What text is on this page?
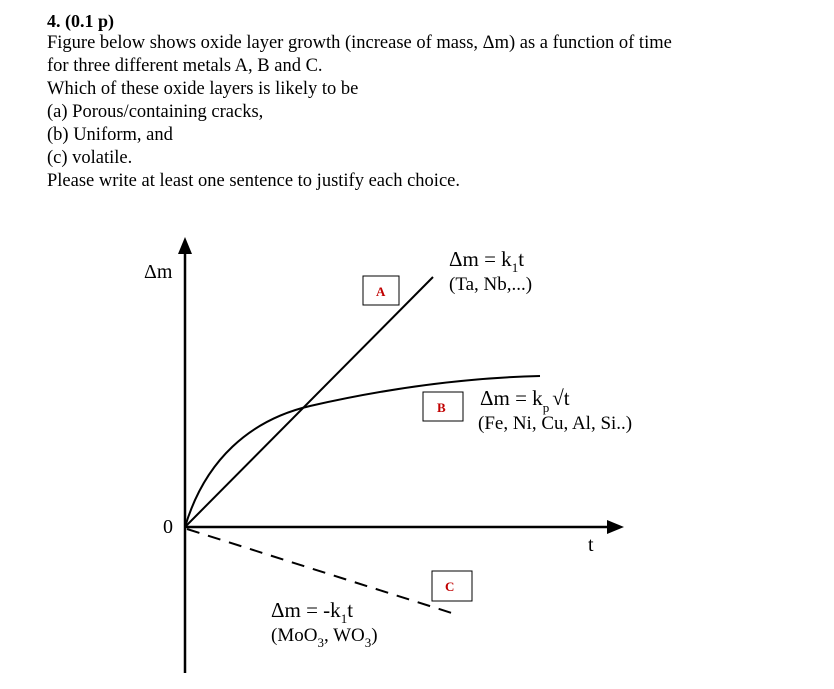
4. (0.1 p)

Figure below shows oxide layer growth (increase of mass, Δm) as a function of time

for three different metals A, B and C.

Which of these oxide layers is likely to be

(a) Porous/containing cracks,

(b) Uniform, and

(c) volatile.

Please write at least one sentence to justify each choice.

Δm
t
0
A
B
C
$\Delta m = k_1t$
(Ta, Nb,...)
$\Delta m = k_p$ √t
(Fe, Ni, Cu, Al, Si..)
$\Delta m = -k_1t$
(MoO$_3$, $WO_3$)
